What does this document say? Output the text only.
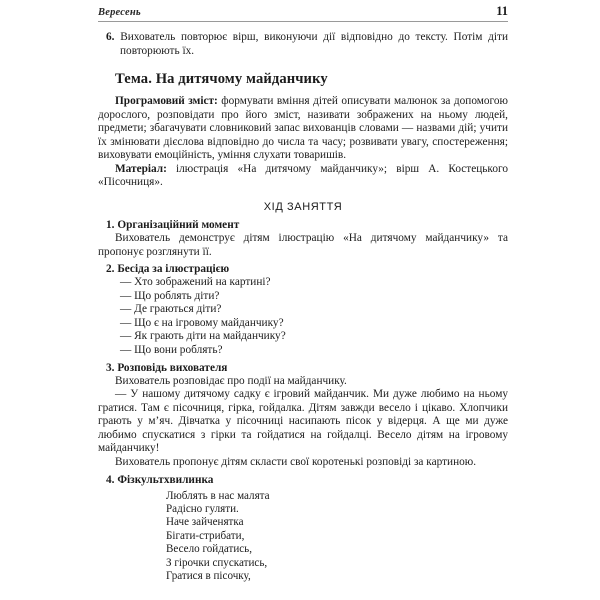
Вересень	11

6. Вихователь повторює вірш, виконуючи дії відповідно до тексту. Потім діти повторюють їх.

Тема. На дитячому майданчику

Програмовий зміст: формувати вміння дітей описувати малюнок за допомогою дорослого, розповідати про його зміст, називати зображених на ньому людей, предмети; збагачувати словниковий запас вихованців словами — назвами дій; учити їх змінювати дієслова відповідно до числа та часу; розвивати увагу, спостереження; виховувати емоційність, уміння слухати товаришів.

Матеріал: ілюстрація «На дитячому майданчику»; вірш А. Костецького «Пісочниця».

ХІД ЗАНЯТТЯ

1. Організаційний момент

Вихователь демонструє дітям ілюстрацію «На дитячому майданчику» та пропонує розглянути її.

2. Бесіда за ілюстрацією

— Хто зображений на картині?
— Що роблять діти?
— Де граються діти?
— Що є на ігровому майданчику?
— Як грають діти на майданчику?
— Що вони роблять?

3. Розповідь вихователя

Вихователь розповідає про події на майданчику.

— У нашому дитячому садку є ігровий майданчик. Ми дуже любимо на ньому гратися. Там є пісочниця, гірка, гойдалка. Дітям завжди весело і цікаво. Хлопчики грають у м’яч. Дівчатка у пісочниці насипають пісок у відерця. А ще ми дуже любимо спускатися з гірки та гойдатися на гойдалці. Весело дітям на ігровому майданчику!

Вихователь пропонує дітям скласти свої коротенькі розповіді за картиною.

4. Фізкультхвилинка

Люблять в нас малята
Радісно гуляти.
Наче зайченятка
Бігати-стрибати,
Весело гойдатись,
З гірочки спускатись,
Гратися в пісочку,
